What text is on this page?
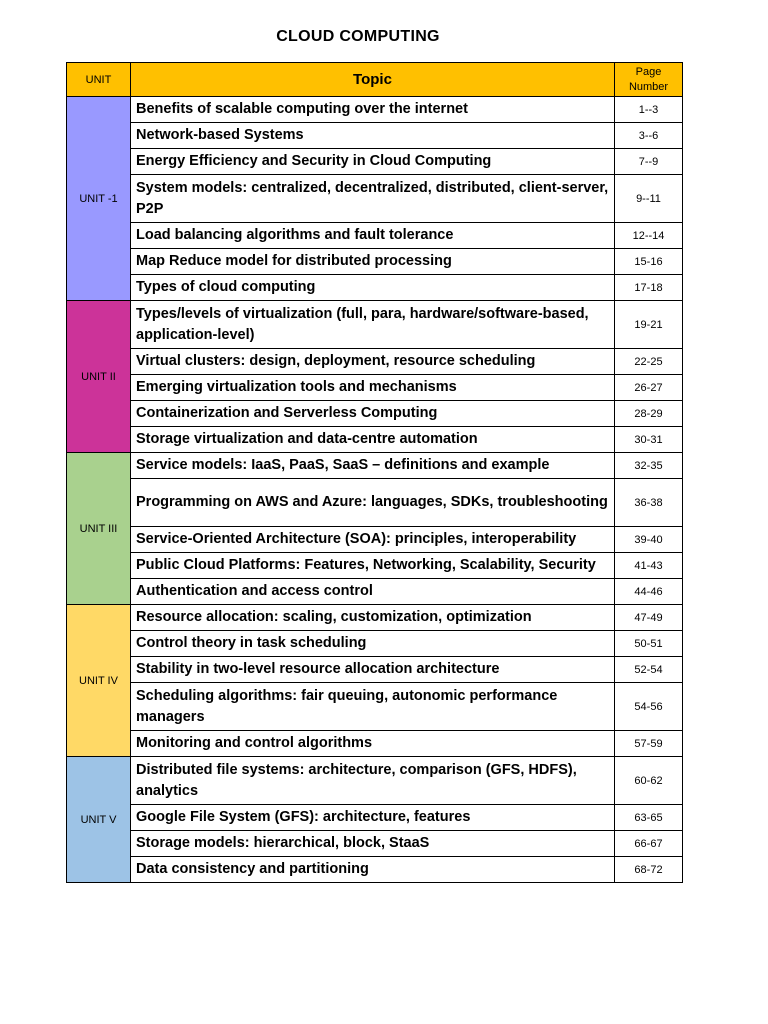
CLOUD COMPUTING
UNIT	Topic	Page
Number

UNIT -1	Benefits of scalable computing over the internet	1--3
	Network-based Systems	3--6
	Energy Efficiency and Security in Cloud Computing	7--9
	System models: centralized, decentralized, distributed, client-server, P2P	9--11
	Load balancing algorithms and fault tolerance	12--14
	Map Reduce model for distributed processing	15-16
	Types of cloud computing	17-18
UNIT II	Types/levels of virtualization (full, para, hardware/software-based, application-level)	19-21
	Virtual clusters: design, deployment, resource scheduling	22-25
	Emerging virtualization tools and mechanisms	26-27
	Containerization and Serverless Computing	28-29
	Storage virtualization and data-centre automation	30-31
UNIT III	Service models: IaaS, PaaS, SaaS – definitions and example	32-35
	Programming on AWS and Azure: languages, SDKs, troubleshooting	36-38
	Service-Oriented Architecture (SOA): principles, interoperability	39-40
	Public Cloud Platforms: Features, Networking, Scalability, Security	41-43
	Authentication and access control	44-46
UNIT IV	Resource allocation: scaling, customization, optimization	47-49
	Control theory in task scheduling	50-51
	Stability in two-level resource allocation architecture	52-54
	Scheduling algorithms: fair queuing, autonomic performance managers	54-56
	Monitoring and control algorithms	57-59
UNIT V	Distributed file systems: architecture, comparison (GFS, HDFS), analytics	60-62
	Google File System (GFS): architecture, features	63-65
	Storage models: hierarchical, block, StaaS	66-67
	Data consistency and partitioning	68-72
